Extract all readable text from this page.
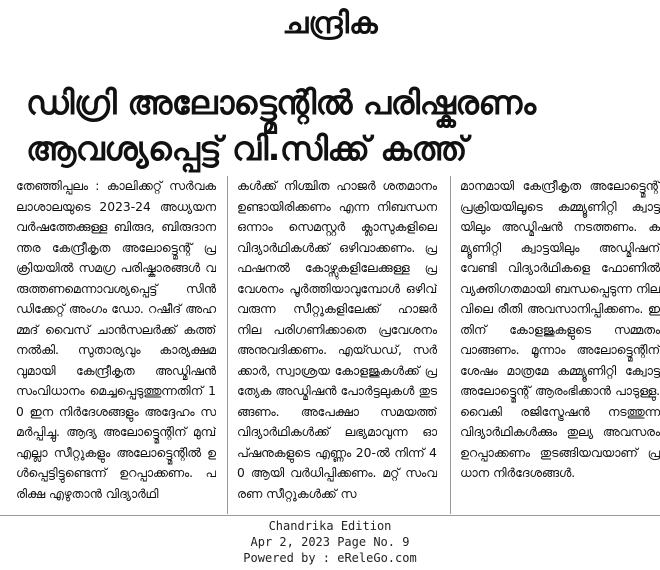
ചന്ദ്രിക
ഡിഗ്രി അലോട്ട്മെന്റിൽ പരിഷ്കരണം
ആവശ്യപ്പെട്ട് വി.സിക്ക് കത്ത്
തേഞ്ഞിപ്പലം : കാലിക്കറ്റ് സർവകലാശാലയുടെ 2023-24 അധ്യയന വർഷത്തേക്കുള്ള ബിരുദ, ബിരുദാനന്തര കേന്ദ്രീകൃത അലോട്ട്മെന്റ് പ്രക്രിയയിൽ സമഗ്ര പരിഷ്കാരങ്ങൾ വരുത്തണമെന്നാവശ്യപ്പെട്ട് സിൻഡിക്കേറ്റ് അംഗം ഡോ. റഷീദ് അഹമ്മദ് വൈസ് ചാൻസലർക്ക് കത്ത് നൽകി. സുതാര്യവും കാര്യക്ഷമവുമായി കേന്ദ്രീകൃത അഡ്മിഷൻ സംവിധാനം മെച്ചപ്പെടുത്തുന്നതിന് 10 ഇന നിർദേശങ്ങളും അദ്ദേഹം സമർപ്പിച്ചു. ആദ്യ അലോട്ട്മെന്റിന് മുമ്പ് എല്ലാ സീറ്റുകളും അലോട്ട്മെന്റിൽ ഉൾപ്പെട്ടിട്ടുണ്ടെന്ന് ഉറപ്പാക്കണം. പരിക്ഷ എഴുതാൻ വിദ്യാർഥി
കൾക്ക് നിശ്ചിത ഹാജർ ശതമാനം ഉണ്ടായിരിക്കണം എന്ന നിബന്ധന ഒന്നാം സെമസ്റ്റർ ക്ലാസുകളിലെ വിദ്യാർഥികൾക്ക് ഒഴിവാക്കണം. പ്രഫഷനൽ കോഴ്സുകളിലേക്കുള്ള പ്രവേശനം പൂർത്തിയാവുമ്പോൾ ഒഴിവ് വരുന്ന സീറ്റുകളിലേക്ക് ഹാജർ നില പരിഗണിക്കാതെ പ്രവേശനം അനുവദിക്കണം. എയ്ഡഡ്, സർക്കാർ, സ്വാശ്രയ കോളജുകൾക്ക് പ്രത്യേക അഡ്മിഷൻ പോർട്ടലുകൾ തുടങ്ങണം. അപേക്ഷാ സമയത്ത് വിദ്യാർഥികൾക്ക് ലഭ്യമാവുന്ന ഓപ്ഷനുകളുടെ എണ്ണം 20-ൽ നിന്ന് 40 ആയി വർധിപ്പിക്കണം. മറ്റ് സംവരണ സീറ്റുകൾക്ക് സ
മാനമായി കേന്ദ്രീകൃത അലോട്ട്മെന്റ് പ്രക്രിയയിലൂടെ കമ്മ്യൂണിറ്റി ക്വാട്ടയിലും അഡ്മിഷൻ നടത്തണം. കമ്യൂണിറ്റി ക്വാട്ടയിലും അഡ്മിഷന് വേണ്ടി വിദ്യാർഥികളെ ഫോണിൽ വ്യക്തിഗതമായി ബന്ധപ്പെടുന്ന നിലവിലെ രീതി അവസാനിപ്പിക്കണം. ഇതിന് കോളജുകളുടെ സമ്മതം വാങ്ങണം. മൂന്നാം അലോട്ട്മെന്റിന് ശേഷം മാത്രമേ കമ്മ്യൂണിറ്റി ക്വോട്ട അലോട്ട്മെന്റ് ആരംഭിക്കാൻ പാടുള്ളു. വൈകി രജിസ്ട്രേഷൻ നടത്തുന്ന വിദ്യാർഥികൾക്കും തുല്യ അവസരം ഉറപ്പാക്കണം തുടങ്ങിയവയാണ് പ്രധാന നിർദേശങ്ങൾ.
Chandrika Edition
Apr 2, 2023 Page No. 9
Powered by : eReleGo.com
